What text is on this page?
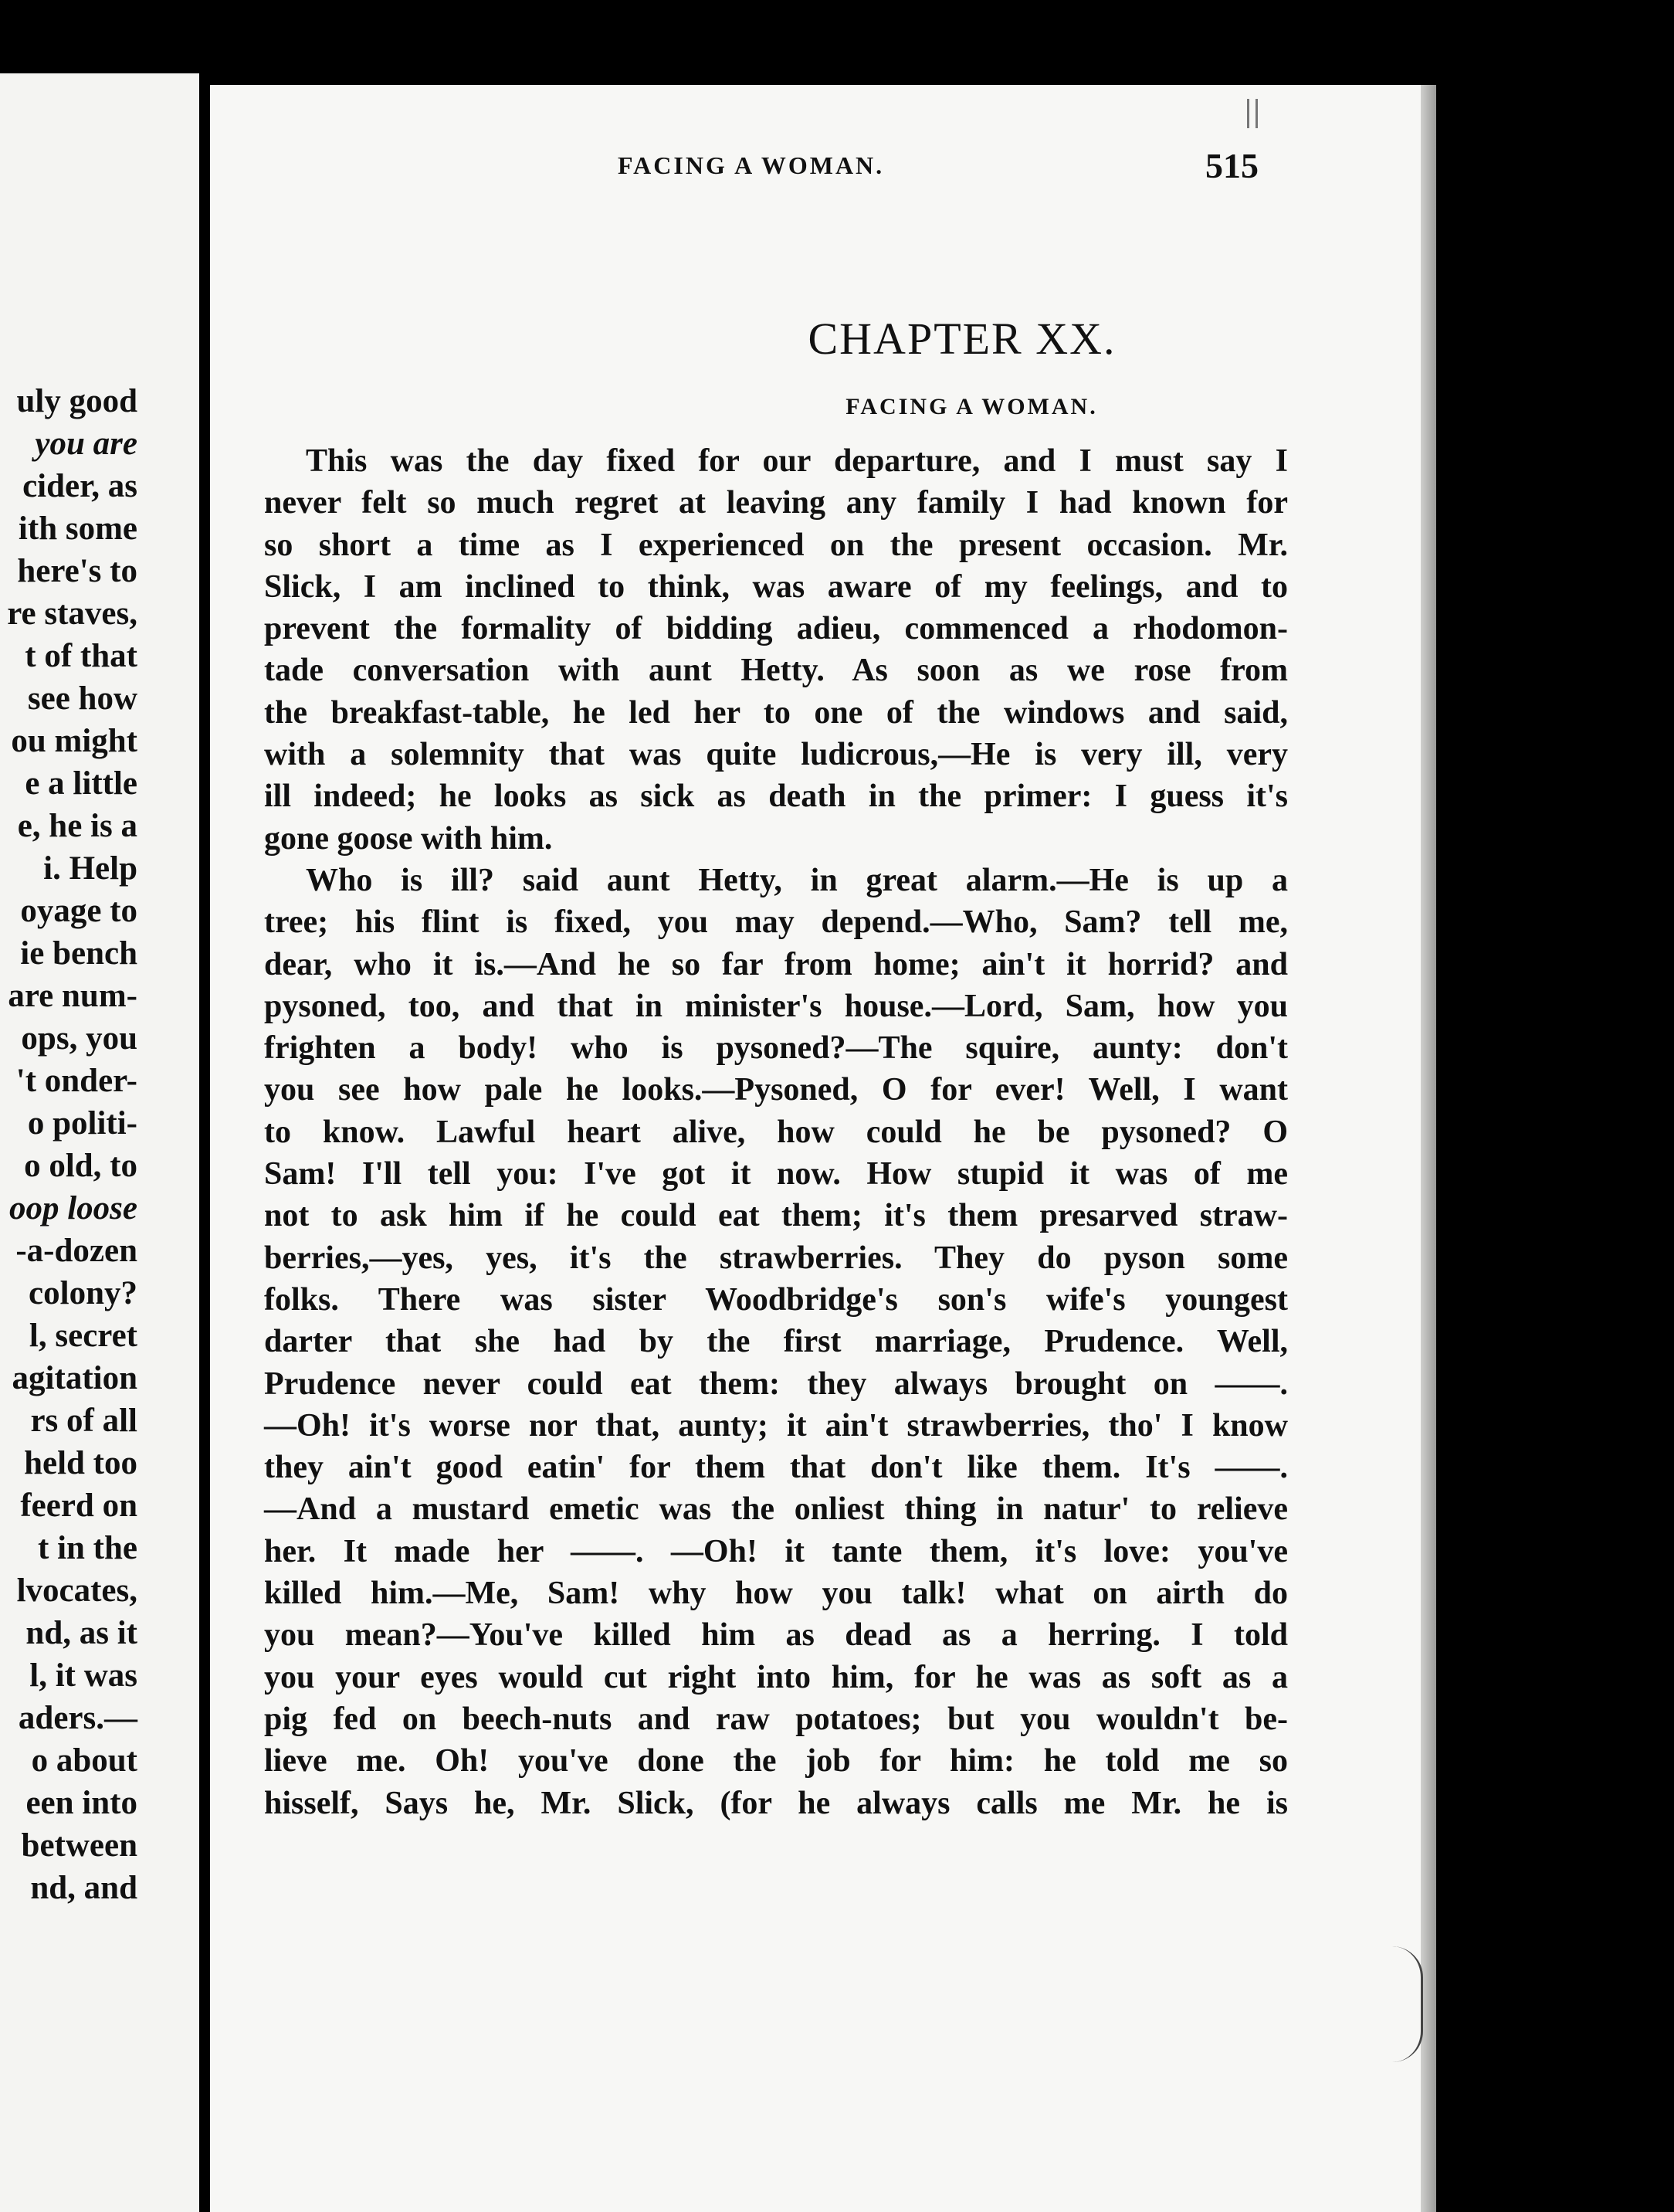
uly good
you are
cider, as
ith some
here's to
re staves,
t of that
see how
ou might
e a little
e, he is a
i. Help
oyage to
ie bench
are num-
ops, you
't onder-
o politi-
o old, to
oop loose
-a-dozen
colony?
l, secret
agitation
rs of all
held too
feerd on
t in the
lvocates,
nd, as it
l, it was
aders.—
o about
een into
between
nd, and
FACING A WOMAN.	515
CHAPTER XX.
FACING A WOMAN.
This was the day fixed for our departure, and I must say I
never felt so much regret at leaving any family I had known for
so short a time as I experienced on the present occasion. Mr.
Slick, I am inclined to think, was aware of my feelings, and to
prevent the formality of bidding adieu, commenced a rhodomon-
tade conversation with aunt Hetty. As soon as we rose from
the breakfast-table, he led her to one of the windows and said,
with a solemnity that was quite ludicrous,—He is very ill, very
ill indeed; he looks as sick as death in the primer: I guess it's
gone goose with him.
Who is ill? said aunt Hetty, in great alarm.—He is up a
tree; his flint is fixed, you may depend.—Who, Sam? tell me,
dear, who it is.—And he so far from home; ain't it horrid? and
pysoned, too, and that in minister's house.—Lord, Sam, how you
frighten a body! who is pysoned?—The squire, aunty: don't
you see how pale he looks.—Pysoned, O for ever! Well, I want
to know. Lawful heart alive, how could he be pysoned? O
Sam! I'll tell you: I've got it now. How stupid it was of me
not to ask him if he could eat them; it's them presarved straw-
berries,—yes, yes, it's the strawberries. They do pyson some
folks. There was sister Woodbridge's son's wife's youngest
darter that she had by the first marriage, Prudence. Well,
Prudence never could eat them: they always brought on ——.
—Oh! it's worse nor that, aunty; it ain't strawberries, tho' I know
they ain't good eatin' for them that don't like them. It's ——.
—And a mustard emetic was the onliest thing in natur' to relieve
her. It made her ——. —Oh! it tante them, it's love: you've
killed him.—Me, Sam! why how you talk! what on airth do
you mean?—You've killed him as dead as a herring. I told
you your eyes would cut right into him, for he was as soft as a
pig fed on beech-nuts and raw potatoes; but you wouldn't be-
lieve me. Oh! you've done the job for him: he told me so
hisself, Says he, Mr. Slick, (for he always calls me Mr. he is
